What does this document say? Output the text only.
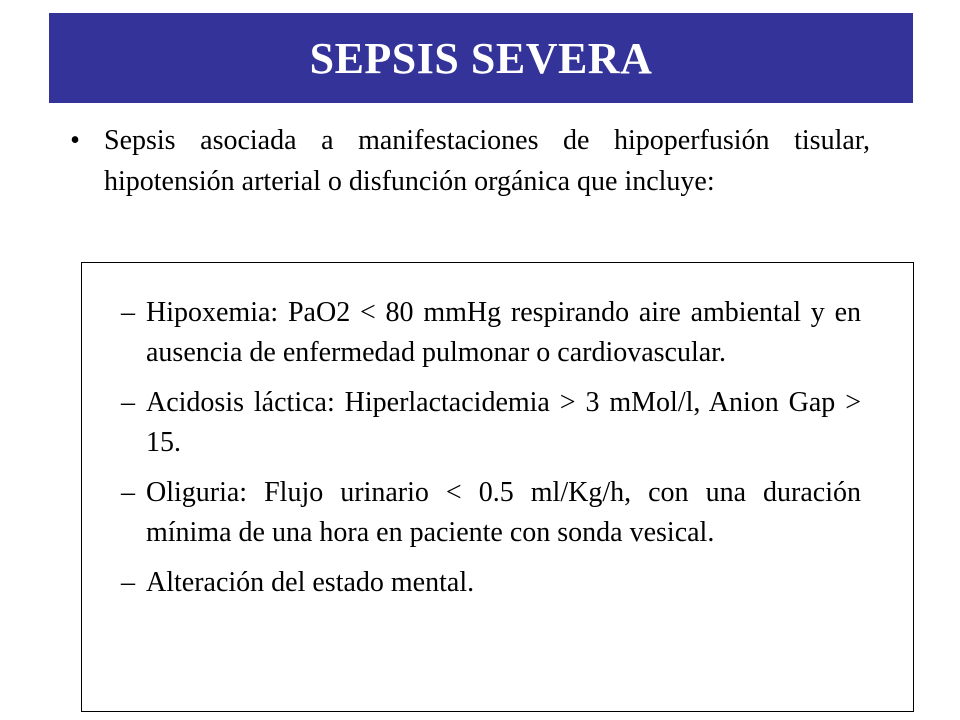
SEPSIS SEVERA
• Sepsis asociada a manifestaciones de hipoperfusión tisular, hipotensión arterial o disfunción orgánica que incluye:
– Hipoxemia: PaO2 < 80 mmHg respirando aire ambiental y en ausencia de enfermedad pulmonar o cardiovascular.
– Acidosis láctica: Hiperlactacidemia > 3 mMol/l, Anion Gap > 15.
– Oliguria: Flujo urinario < 0.5 ml/Kg/h, con una duración mínima de una hora en paciente con sonda vesical.
– Alteración del estado mental.
